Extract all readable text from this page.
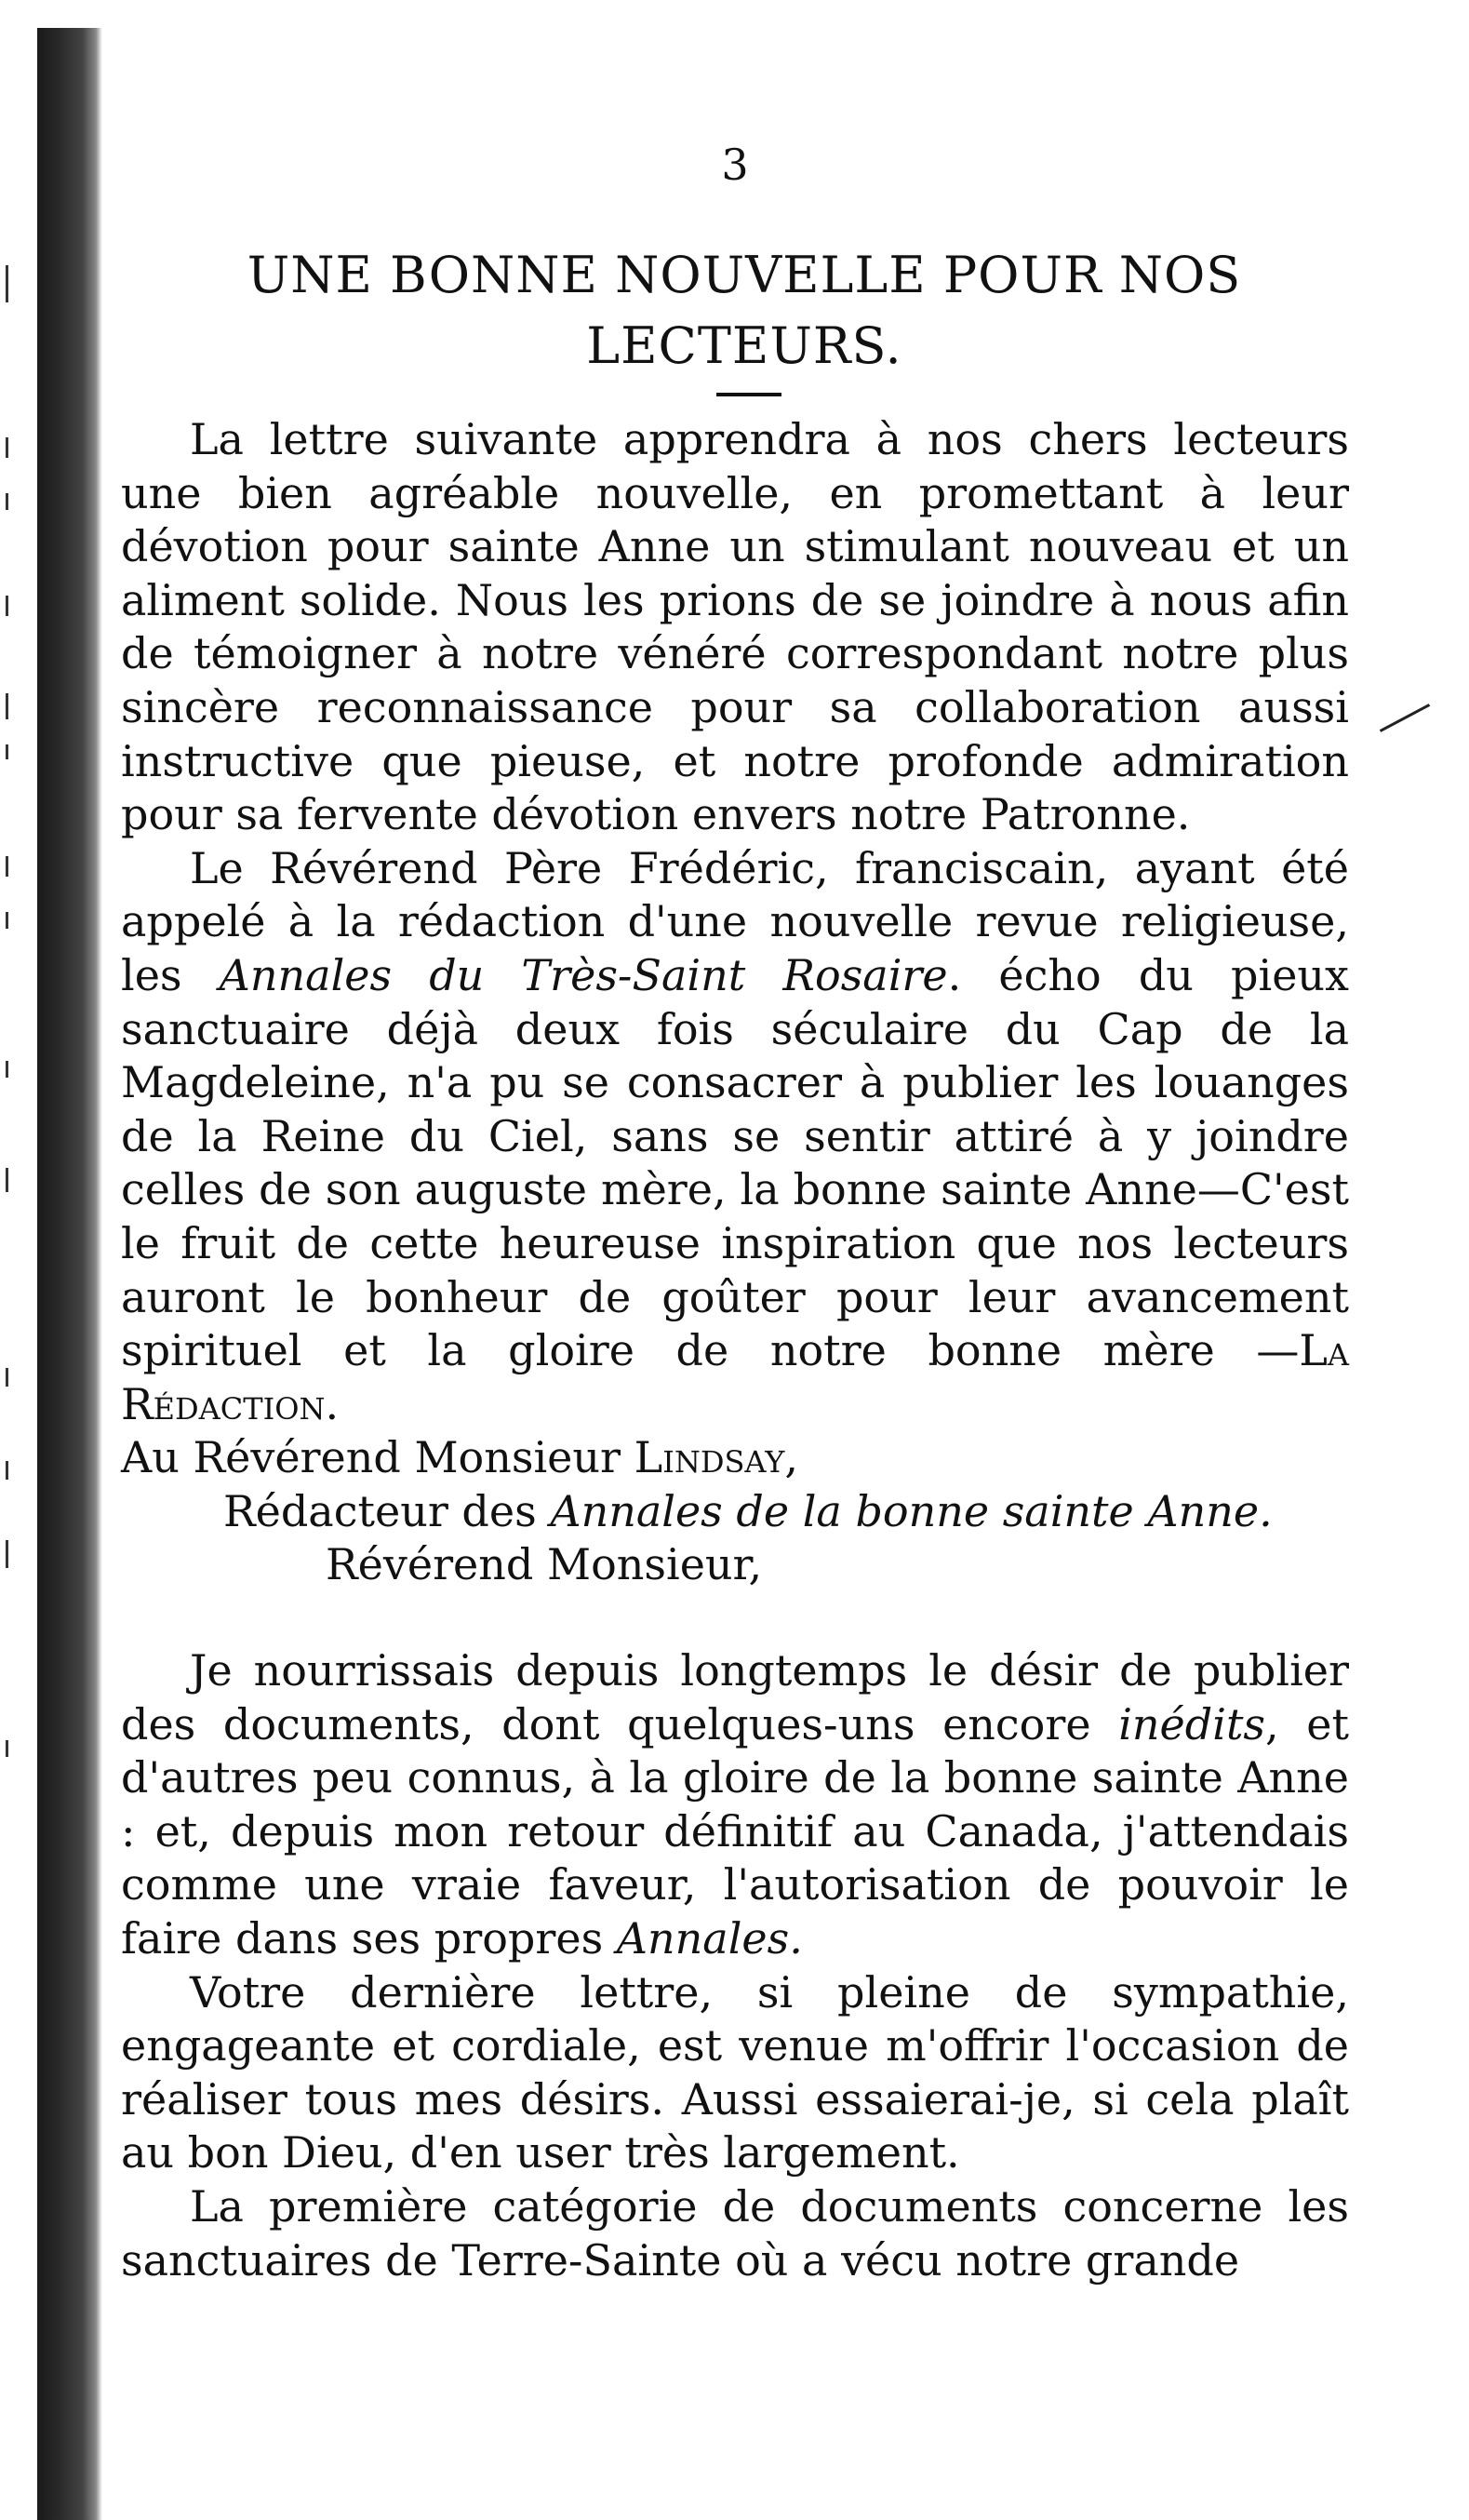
3
UNE BONNE NOUVELLE POUR NOS LECTEURS.

La lettre suivante apprendra à nos chers lecteurs une bien agréable nouvelle, en promettant à leur dévotion pour sainte Anne un stimulant nouveau et un aliment solide. Nous les prions de se joindre à nous afin de témoigner à notre vénéré correspondant notre plus sincère reconnaissance pour sa collaboration aussi instructive que pieuse, et notre profonde admiration pour sa fervente dévotion envers notre Patronne.

Le Révérend Père Frédéric, franciscain, ayant été appelé à la rédaction d'une nouvelle revue religieuse, les Annales du Très-Saint Rosaire. écho du pieux sanctuaire déjà deux fois séculaire du Cap de la Magdeleine, n'a pu se consacrer à publier les louanges de la Reine du Ciel, sans se sentir attiré à y joindre celles de son auguste mère, la bonne sainte Anne—C'est le fruit de cette heureuse inspiration que nos lecteurs auront le bonheur de goûter pour leur avancement spirituel et la gloire de notre bonne mère —La Rédaction.

Au Révérend Monsieur Lindsay,

Rédacteur des Annales de la bonne sainte Anne.

Révérend Monsieur,

Je nourrissais depuis longtemps le désir de publier des documents, dont quelques-uns encore inédits, et d'autres peu connus, à la gloire de la bonne sainte Anne : et, depuis mon retour définitif au Canada, j'attendais comme une vraie faveur, l'autorisation de pouvoir le faire dans ses propres Annales.

Votre dernière lettre, si pleine de sympathie, engageante et cordiale, est venue m'offrir l'occasion de réaliser tous mes désirs. Aussi essaierai-je, si cela plaît au bon Dieu, d'en user très largement.

La première catégorie de documents concerne les sanctuaires de Terre-Sainte où a vécu notre grande
